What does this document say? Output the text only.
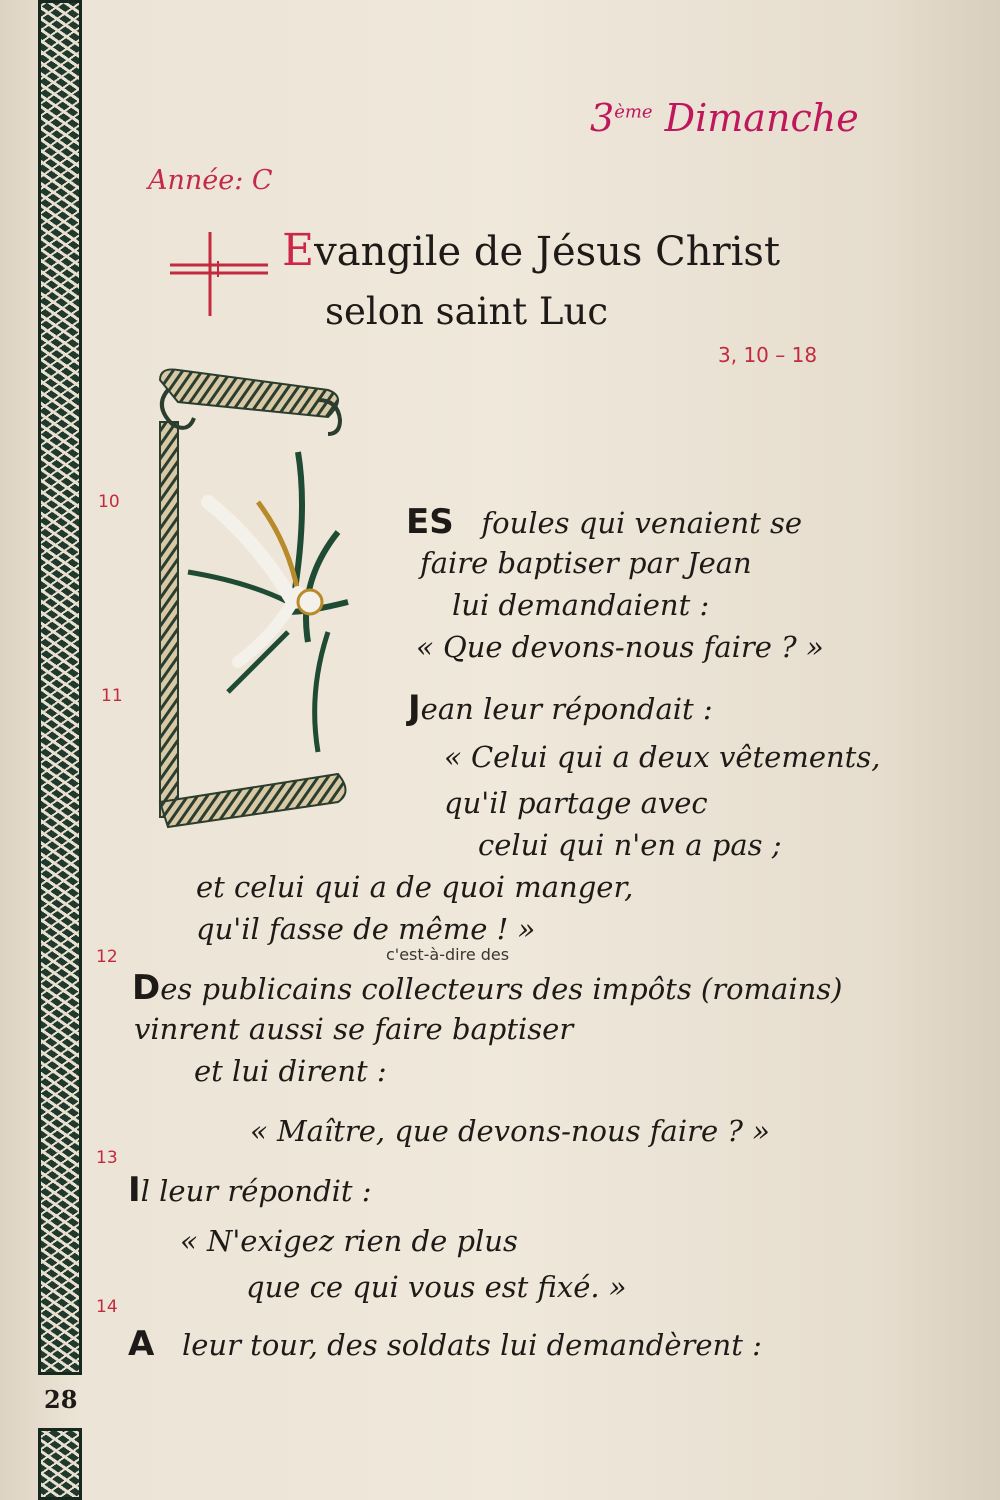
3ème Dimanche
Année: C
Evangile de Jésus Christ
selon saint Luc
3, 10 – 18
10
11
12
13
14
ES foules qui venaient se
faire baptiser par Jean
lui demandaient :
« Que devons-nous faire ? »
Jean leur répondait :
« Celui qui a deux vêtements,
qu'il partage avec
celui qui n'en a pas ;
et celui qui a de quoi manger,
qu'il fasse de même ! »
c'est-à-dire des
Des publicains collecteurs des impôts (romains)
vinrent aussi se faire baptiser
et lui dirent :
« Maître, que devons-nous faire ? »
Il leur répondit :
« N'exigez rien de plus
que ce qui vous est fixé. »
A leur tour, des soldats lui demandèrent :
28
